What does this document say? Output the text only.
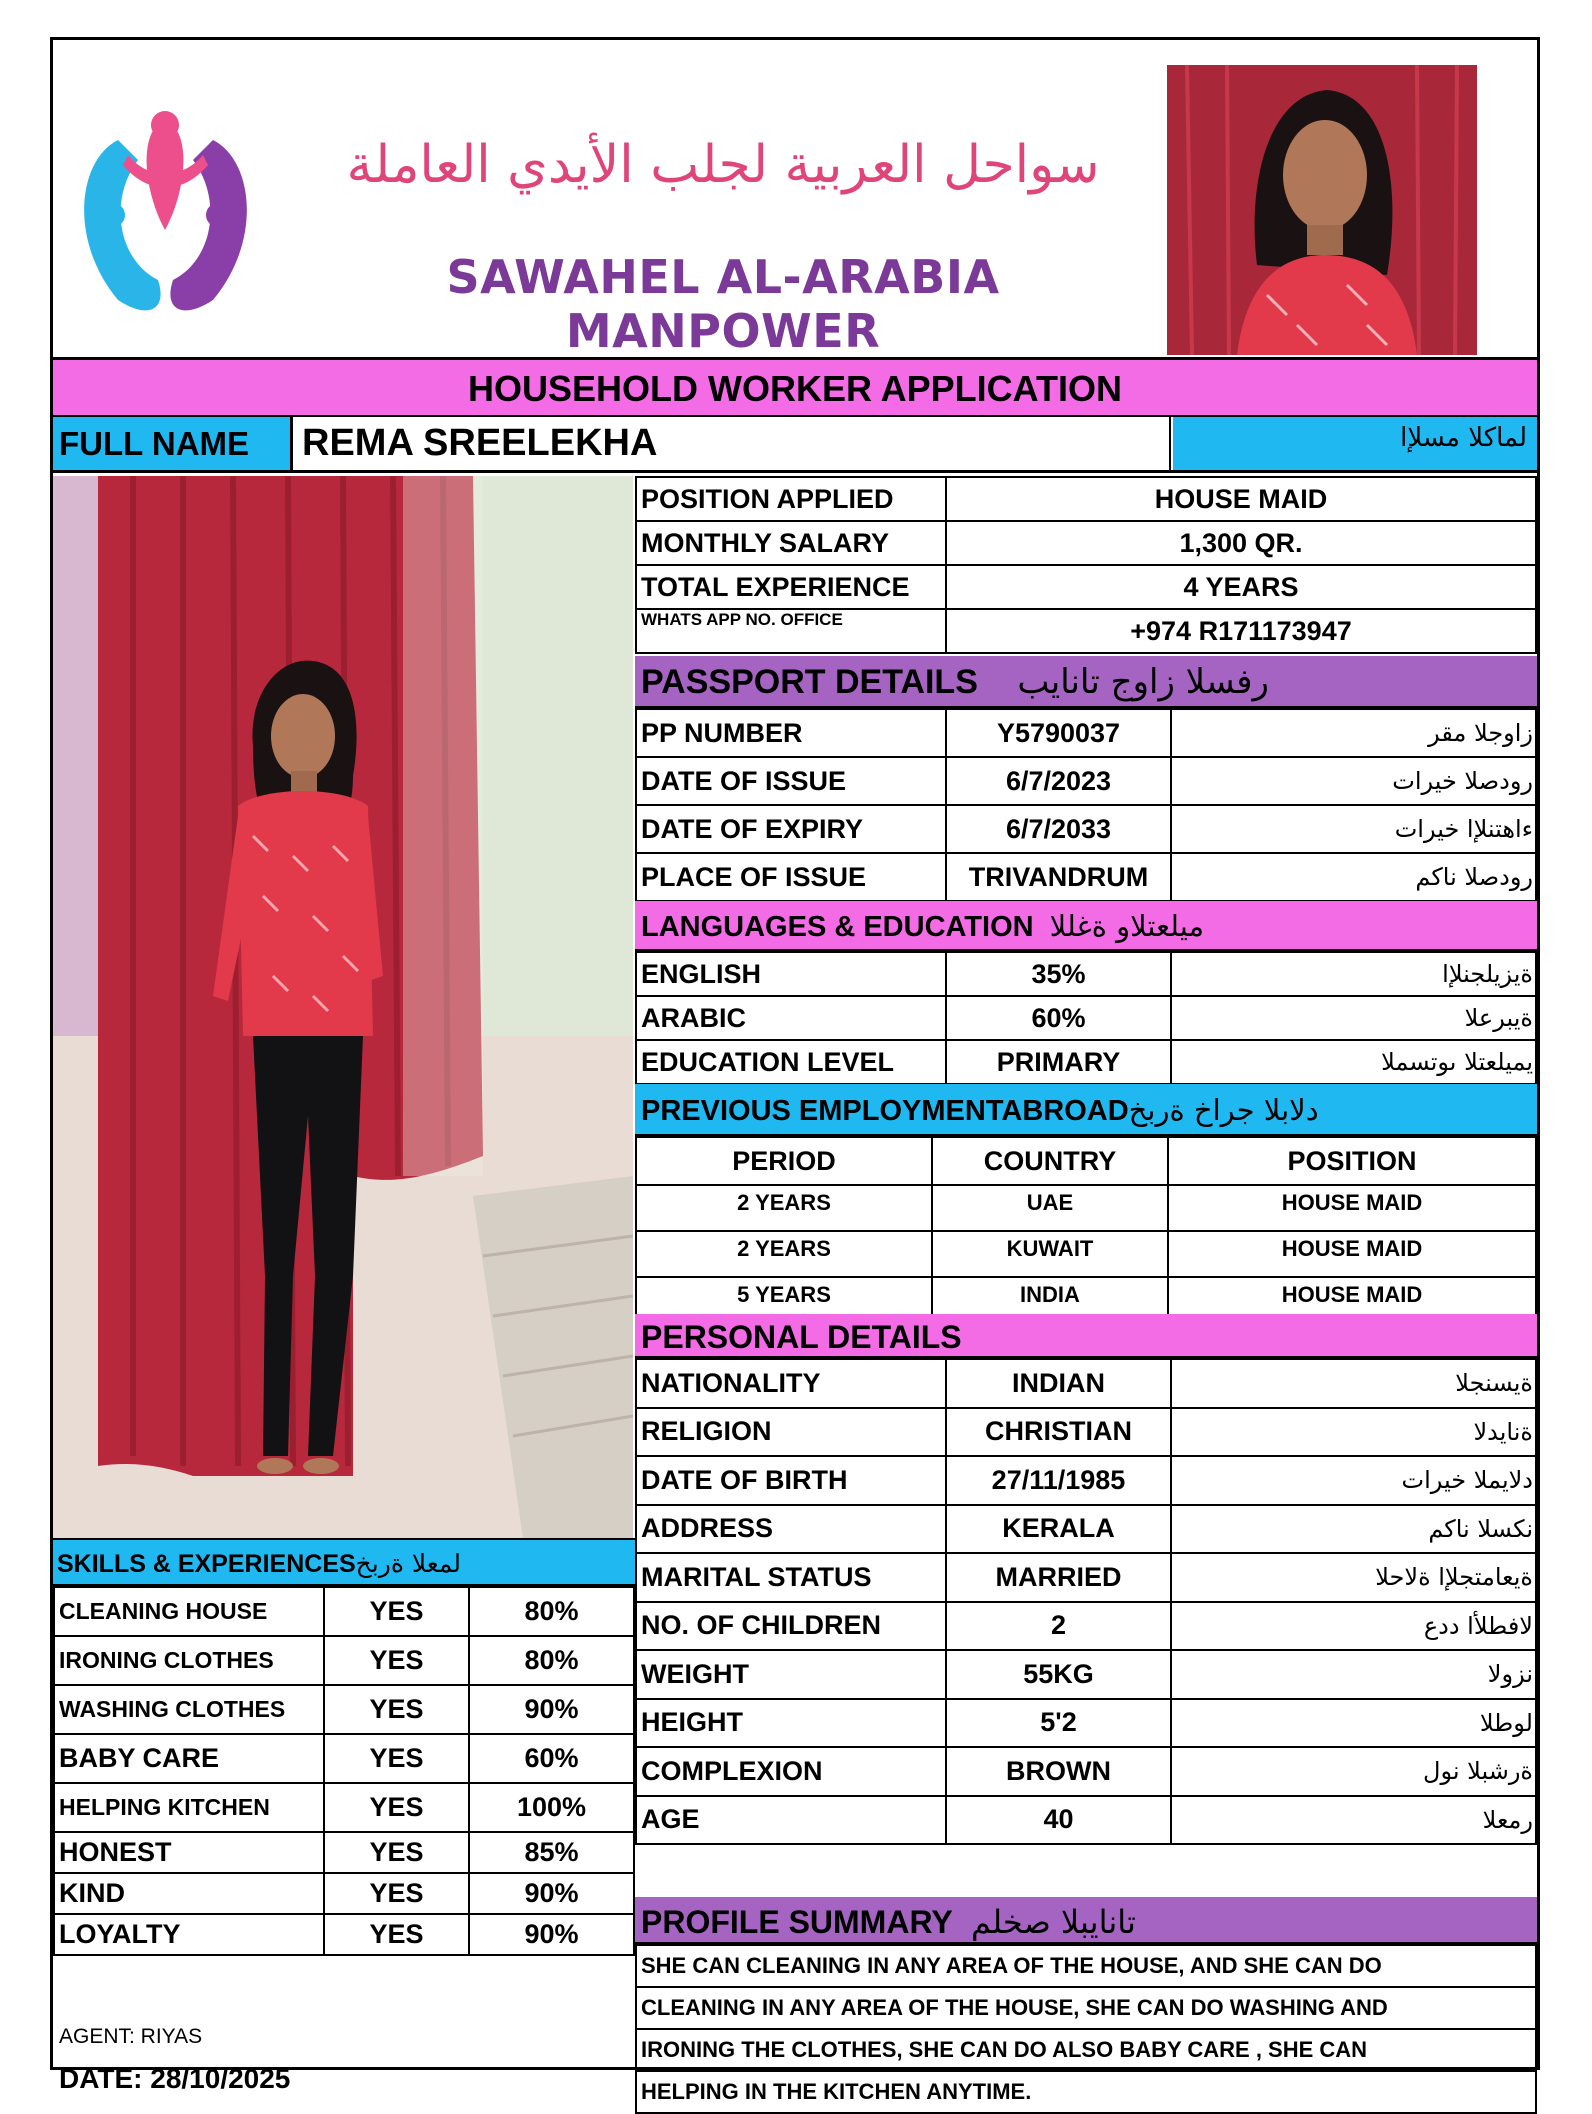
سواحل العربية لجلب الأيدي العاملة
SAWAHEL AL-ARABIA MANPOWER
HOUSEHOLD WORKER APPLICATION
FULL NAME	REMA SREELEKHA	لماكلا مسلإا
POSITION APPLIED	HOUSE MAID
MONTHLY SALARY	1,300 QR.
TOTAL EXPERIENCE	4 YEARS
WHATS APP NO. OFFICE	+974 R171173947
PASSPORT DETAILS رفسلا زاوج تانايب
PP NUMBER	Y5790037	زاوجلا مقر
DATE OF ISSUE	6/7/2023	رودصلا خيرات
DATE OF EXPIRY	6/7/2033	ءاهتنلإا خيرات
PLACE OF ISSUE	TRIVANDRUM	رودصلا ناكم
LANGUAGES & EDUCATION ميلعتلاو ةغللا
ENGLISH	35%	ةيزيلجنلإا
ARABIC	60%	ةيبرعلا
EDUCATION LEVEL	PRIMARY	يميلعتلا ىوتسملا
PREVIOUS EMPLOYMENTABROADدلابلا جراخ ةربخ
PERIOD	COUNTRY	POSITION
2 YEARS	UAE	HOUSE MAID
2 YEARS	KUWAIT	HOUSE MAID
5 YEARS	INDIA	HOUSE MAID
PERSONAL DETAILS
NATIONALITY	INDIAN	ةيسنجلا
RELIGION	CHRISTIAN	ةنايدلا
DATE OF BIRTH	27/11/1985	دلايملا خيرات
ADDRESS	KERALA	نكسلا ناكم
MARITAL STATUS	MARRIED	ةيعامتجلإا ةلاحلا
NO. OF CHILDREN	2	لافطلأا ددع
WEIGHT	55KG	نزولا
HEIGHT	5'2	لوطلا
COMPLEXION	BROWN	ةرشبلا نول
AGE	40	رمعلا
SKILLS & EXPERIENCESلمعلا ةربخ
CLEANING HOUSE	YES	80%
IRONING CLOTHES	YES	80%
WASHING CLOTHES	YES	90%
BABY CARE	YES	60%
HELPING KITCHEN	YES	100%
HONEST	YES	85%
KIND	YES	90%
LOYALTY	YES	90%
AGENT: RIYAS
DATE: 28/10/2025
PROFILE SUMMARY تانايبلا صخلم
SHE CAN CLEANING IN ANY AREA OF THE HOUSE, AND SHE CAN DO
CLEANING IN ANY AREA OF THE HOUSE, SHE CAN DO WASHING AND
IRONING THE CLOTHES, SHE CAN DO ALSO BABY CARE , SHE CAN
HELPING IN THE KITCHEN ANYTIME.
